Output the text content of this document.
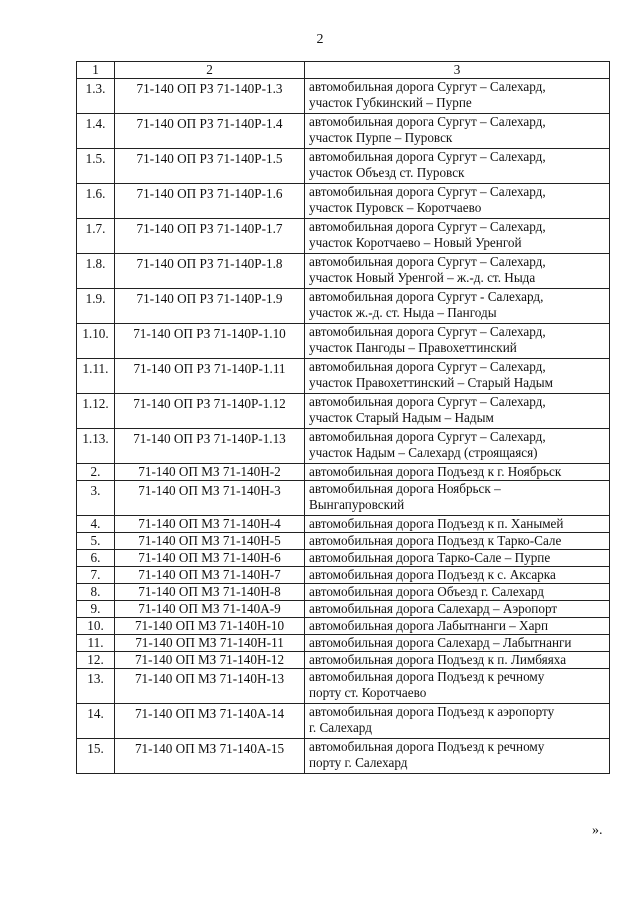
2
1	2	3
1.3.	71-140 ОП РЗ 71-140Р-1.3	автомобильная дорога Сургут – Салехард,
участок Губкинский – Пурпе

1.4.	71-140 ОП РЗ 71-140Р-1.4	автомобильная дорога Сургут – Салехард,
участок Пурпе – Пуровск

1.5.	71-140 ОП РЗ 71-140Р-1.5	автомобильная дорога Сургут – Салехард,
участок Объезд ст. Пуровск

1.6.	71-140 ОП РЗ 71-140Р-1.6	автомобильная дорога Сургут – Салехард,
участок Пуровск – Коротчаево

1.7.	71-140 ОП РЗ 71-140Р-1.7	автомобильная дорога Сургут – Салехард,
участок Коротчаево – Новый Уренгой

1.8.	71-140 ОП РЗ 71-140Р-1.8	автомобильная дорога Сургут – Салехард,
участок Новый Уренгой – ж.-д. ст. Ныда

1.9.	71-140 ОП РЗ 71-140Р-1.9	автомобильная дорога Сургут - Салехард,
участок ж.-д. ст. Ныда – Пангоды

1.10.	71-140 ОП РЗ 71-140Р-1.10	автомобильная дорога Сургут – Салехард,
участок Пангоды – Правохеттинский

1.11.	71-140 ОП РЗ 71-140Р-1.11	автомобильная дорога Сургут – Салехард,
участок Правохеттинский – Старый Надым

1.12.	71-140 ОП РЗ 71-140Р-1.12	автомобильная дорога Сургут – Салехард,
участок Старый Надым – Надым

1.13.	71-140 ОП РЗ 71-140Р-1.13	автомобильная дорога Сургут – Салехард,
участок Надым – Салехард (строящаяся)

2.	71-140 ОП МЗ 71-140Н-2	автомобильная дорога Подъезд к г. Ноябрьск

3.	71-140 ОП МЗ 71-140Н-3	автомобильная дорога Ноябрьск –
Вынгапуровский

4.	71-140 ОП МЗ 71-140Н-4	автомобильная дорога Подъезд к п. Ханымей

5.	71-140 ОП МЗ 71-140Н-5	автомобильная дорога Подъезд к Тарко-Сале

6.	71-140 ОП МЗ 71-140Н-6	автомобильная дорога Тарко-Сале – Пурпе

7.	71-140 ОП МЗ 71-140Н-7	автомобильная дорога Подъезд к с. Аксарка

8.	71-140 ОП МЗ 71-140Н-8	автомобильная дорога Объезд г. Салехард

9.	71-140 ОП МЗ 71-140А-9	автомобильная дорога Салехард – Аэропорт

10.	71-140 ОП МЗ 71-140Н-10	автомобильная дорога Лабытнанги – Харп

11.	71-140 ОП МЗ 71-140Н-11	автомобильная дорога Салехард – Лабытнанги

12.	71-140 ОП МЗ 71-140Н-12	автомобильная дорога Подъезд к п. Лимбяяха

13.	71-140 ОП МЗ 71-140Н-13	автомобильная дорога Подъезд к речному
порту ст. Коротчаево

14.	71-140 ОП МЗ 71-140А-14	автомобильная дорога Подъезд к аэропорту
г. Салехард

15.	71-140 ОП МЗ 71-140А-15	автомобильная дорога Подъезд к речному
порту г. Салехард
».
